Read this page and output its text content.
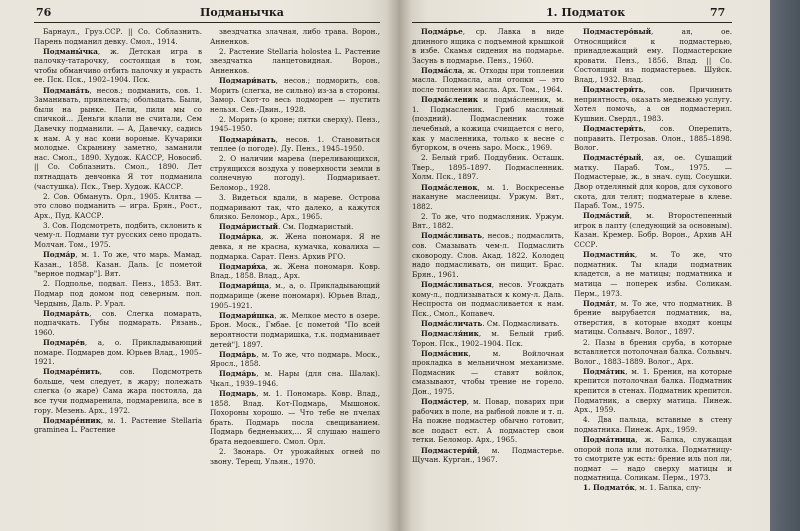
76	Подманычка

Барнаул., Груз.ССР. || Со. Соблазнить. Парень подманил девку. Смол., 1914.

Подманы́чка, ж. Детская игра в палочку-татарочку, состоящая в том, чтобы обманчиво отбить палочку и украсть ее. Пск. Пск., 1902–1904. Пск.

Подмана́ть, несов.; подманить, сов. 1. Заманивать, привлекать; обольщать. Были, были на рынке. Пели, пили мы со спичкой… Деньги клали не считали, Сем Давечку подманили. — А, Давечку, садись к нам. А у нас кони вороные. Кучарики молодые. Скрынину заметно, заманили нас. Смол., 1890. Худож. КАССР, Новосиб. || Со. Соблазнить. Смол., 1890. Лет пятнадцать девчонка Я тот подманила (частушка). Пск., Твер. Худож. КАССР.

2. Сов. Обмануть. Орл., 1905. Клятва — это слово подманить — игра. Брян., Рост., Арх., Пуд. КАССР.

3. Сов. Подсмотреть, подбить, склонить к чему-л. Подмани тут русских сено продать. Молчан. Том., 1975.

Подма́р, м. 1. То же, что марь. Мамад. Казан., 1858. Казан. Даль. [с пометой "верное подмар"]. Вят.

2. Подполье, подвал. Пенз., 1853. Вят. Подмар под домом под северным. пол. Чердынь, Даль. Р. Урал.

Подмара́ть, сов. Слегка помарать, подпачкать. Губы подмарать. Рязань., 1960.

Подмаре́в, а, о. Прикладывающий помаре. Подмарев дом. Юрьев Влад., 1905–1921.

Подмаре́нить, сов. Подсмотреть больше, чем следует, в жару; полежать слегка (о жаре) Сама жара постояла, да все тучи подмаренила, подмаренила, все в гору. Мезень. Арх., 1972.

Подмаре́нник, м. 1. Растение Stellaria graminea L. Растение

звездчатка злачная, либо трава. Ворон., Анненков.

2. Растение Stellaria holostea L. Растение звездчатка ланцетовидная. Ворон., Анненков.

Подмари́вать, несов.; подморить, сов. Морить (слегка, не сильно) из-за в стороны. Замор. Скот-то весь подморен — пустить нельзя. Сев.-Двин., 1928.

2. Морить (о кроне; пятки сверху). Пенз., 1945–1950.

Подмари́вать, несов. 1. Становиться теплее (о погоде). Ду. Пенз., 1945–1950.

2. О наличии марева (переливающихся, струящихся воздуха у поверхности земли в солнечную погоду). Подмаривает. Беломор., 1928.

3. Видеться вдали, в мареве. Острова подмаривают так, что далеко, а кажутся близко. Беломор., Арх., 1965.

Подма́ристый. См. Подмаристый.

Подма́рка, ж. Жена пономаря. Я не девка, я не красна, кумачка, ковалиха — подмарка. Сарат. Пенз. Архив РГО.

Подмари́ха, ж. Жена пономаря. Ковр. Влад., 1858. Влад., Арх.

Подмари́ща, м., а, о. Прикладывающий подмарище (жене пономаря). Юрьев Влад., 1905–1921.

Подмари́шка, ж. Мелкое место в озере. Брон. Моск., Гмбае. [с пометой "По всей вероятности подмаришка, т.к. подманивает детей"]. 1897.

Подма́рь, м. То же, что подмарь. Моск., Яросл., 1858.

Подма́рь, м. Нары (для сна. Шалак). Чкал., 1939–1946.

Подмарь, м. 1. Пономарь. Ковр. Влад., 1858. Влад. Кот-Подмарь, Мышонок. Похороны хорошо. — Что тебе не пчелах брать. Подмарь посла свещиванием. Подмарь бедненьких,… Я слушаю нашего брата недоевшего. Смол. Орл.

2. Звонарь. От урожайных огней по звону. Терещ. Ульян., 1970.

1. Подматок	77

Подма́рье, ср. Лавка в виде длинного ящика с подъемной крышкой в избе. Скамья сидения на подмарье. Засунь в подмарье. Пенз., 1960.

Подма́сла, ж. Отходы при топлении масла. Подмасла, али отопки — это после топления масла. Арх. Том., 1964.

Подма́сленик и подма́сленник, м. 1. Подмасленик. Гриб масляный (поздний). Подмасленник тоже лечебный, а кожица счищается с него, как у масленника, только к весне с бугорком, в очень заро. Моск., 1969.

2. Белый гриб. Поддубник. Осташк. Твер., 1895–1897. Подмасленник. Холм. Пск., 1897.

Подма́сленок, м. 1. Воскресенье накануне масленицы. Уржум. Вят., 1882.

2. То же, что подмасляник. Уржум. Вят., 1882.

Подма́сливать, несов.; подмаслить, сов. Смазывать чем-л. Подмаслить сковороду. Слов. Акад. 1822. Колодец надо подмасливать, он пищит. Брас. Брян., 1961.

Подма́сливаться, несов. Угождать кому-л., подлизываться к кому-л. Даль. Неспроста он подмасливается к нам. Пск., Смол., Копавеч.

Подма́сличать. См. Подмасливать.

Подмасля́ник, м. Белый гриб. Торон. Пск., 1902–1904. Пск.

Подма́сник, м. Войлочная прокладка в мельничном механизме. Подмасник — ставят войлок, смазывают, чтобы трение не горело. Дон., 1975.

Подма́стер, м. Повар, поварих при рабочих в поле, на рыбной ловле и т. п. На пожне подмастер обычно готовит, все подаст ест. А подмастер свои тетки. Беломор. Арх., 1965.

Подмастери́й, м. Подмастерье. Щучан. Курган., 1967.

Подмастеро́вый, ая, ое. Относящийся к подмастерью, принадлежащий ему. Подмастерские кровати. Пенз., 1856. Влад. || Со. Состоящий из подмастерьев. Шуйск. Влад., 1932. Влад.

Подмастери́ть, сов. Причинить неприятность, оказать медвежью услугу. Хотел помочь, а он подмастерил. Кушвин. Свердл., 1983.

Подмастери́ть, сов. Оперепить, поправить. Петрозав. Олон., 1885–1898. Волог.

Подмасте́рый, ая, ое. Сушащий матку. Параб. Том., 1975. — Подмастерые, ж., в знач. сущ. Сосушки. Двор отделяный для коров, для сухового скота, для телят; подматерые в клеве. Параб. Том., 1975.

Подма́стий, м. Второстепенный игрок в лапту (следующий за основным). Казан. Кремер. Бобр. Ворон., Архив АН СССР.

Подмастни́к, м. То же, что подматник. Ты клади подматник кладется, а не матицы; подматника и матица — поперек избы. Соликам. Перм., 1973.

Подма́т, м. То же, что подматник. В брение вырубается подматник, на, отверстия, в которые входят концы матицы. Сольвыч. Волог., 1897.

2. Пазы в брения сруба, в которые вставляется потолочная балка. Сольвыч. Волог., 1883–1889. Волог., Арх.

Подма́тик, м. 1. Брения, на которые крепится потолочная балка. Подматник крепится в стенах. Подматник крепится. Подматник, а сверху матица. Пинеж. Арх., 1959.

4. Два пальца, вставные в стену подматника. Пинеж. Арх., 1959.

Подма́тница, ж. Балка, служащая опорой пола или потолка. Подматницу-то смотрите уж есть: брение иль пол ли, подмат — надо сверху матицы и подматница. Соликам. Перм., 1973.

1. Подмато́к, м. 1. Балка, слу-
